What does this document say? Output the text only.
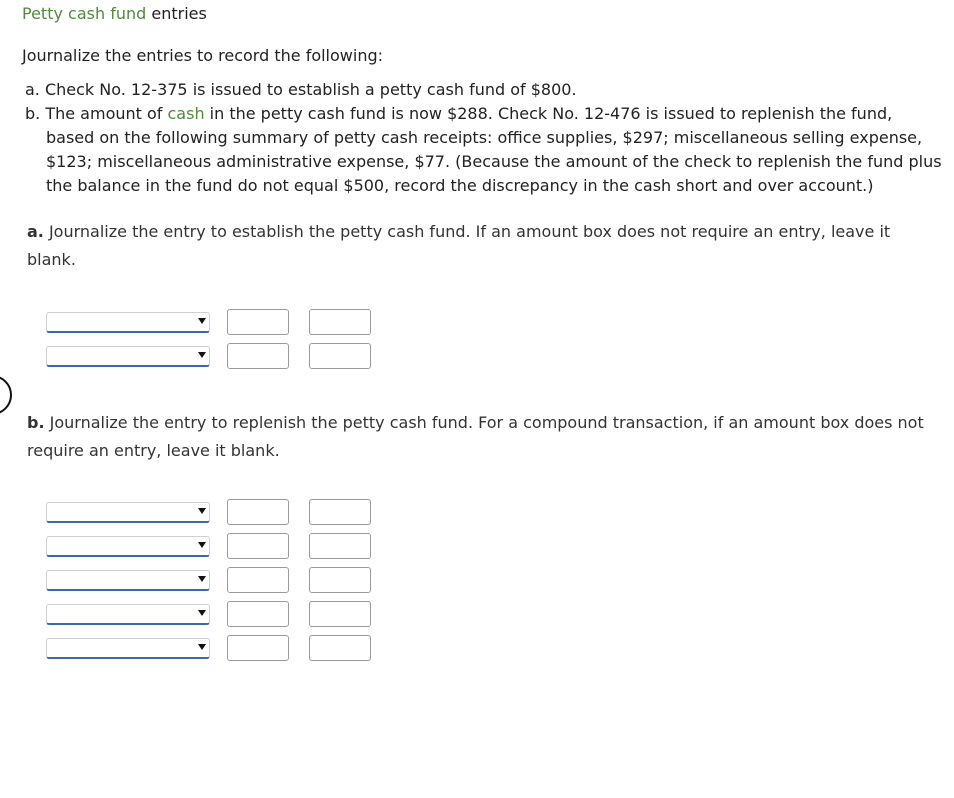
Petty cash fund entries
Journalize the entries to record the following:
a. Check No. 12-375 is issued to establish a petty cash fund of $800.
b. The amount of cash in the petty cash fund is now $288. Check No. 12-476 is issued to replenish the fund,
based on the following summary of petty cash receipts: office supplies, $297; miscellaneous selling expense,
$123; miscellaneous administrative expense, $77. (Because the amount of the check to replenish the fund plus
the balance in the fund do not equal $500, record the discrepancy in the cash short and over account.)
a. Journalize the entry to establish the petty cash fund. If an amount box does not require an entry, leave it blank.
b. Journalize the entry to replenish the petty cash fund. For a compound transaction, if an amount box does not require an entry, leave it blank.
